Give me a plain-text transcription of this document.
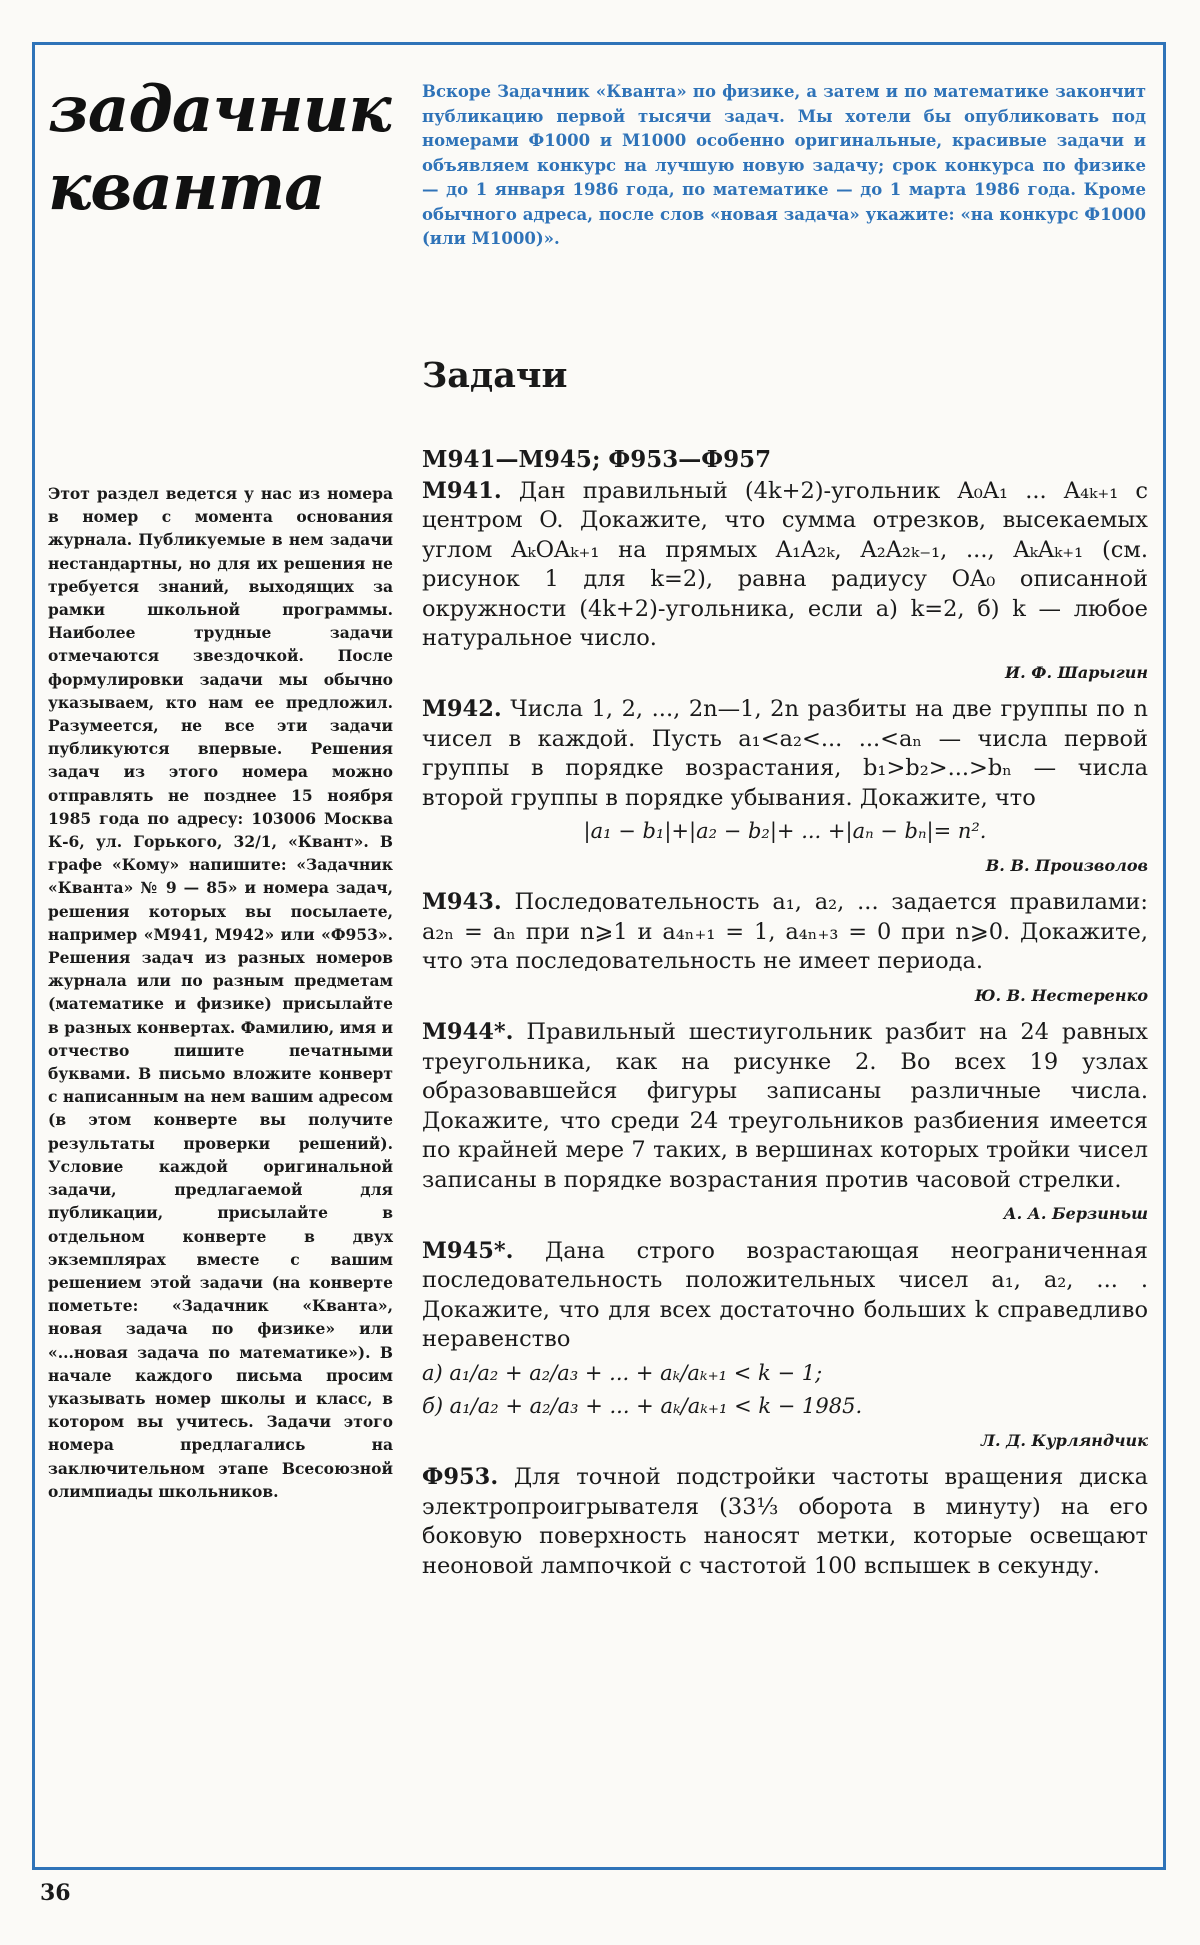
задачник
кванта
Вскоре Задачник «Кванта» по физике, а затем и по математике закончит публикацию первой тысячи задач. Мы хотели бы опубликовать под номерами Ф1000 и М1000 особенно оригинальные, красивые задачи и объявляем конкурс на лучшую новую задачу; срок конкурса по физике — до 1 января 1986 года, по математике — до 1 марта 1986 года. Кроме обычного адреса, после слов «новая задача» укажите: «на конкурс Ф1000 (или М1000)».
Задачи
Этот раздел ведется у нас из номера в номер с момента основания журнала. Публикуемые в нем задачи нестандартны, но для их решения не требуется знаний, выходящих за рамки школьной программы. Наиболее трудные задачи отмечаются звездочкой. После формулировки задачи мы обычно указываем, кто нам ее предложил. Разумеется, не все эти задачи публикуются впервые. Решения задач из этого номера можно отправлять не позднее 15 ноября 1985 года по адресу: 103006 Москва К-6, ул. Горького, 32/1, «Квант». В графе «Кому» напишите: «Задачник «Кванта» № 9 — 85» и номера задач, решения которых вы посылаете, например «М941, М942» или «Ф953». Решения задач из разных номеров журнала или по разным предметам (математике и физике) присылайте в разных конвертах. Фамилию, имя и отчество пишите печатными буквами. В письмо вложите конверт с написанным на нем вашим адресом (в этом конверте вы получите результаты проверки решений). Условие каждой оригинальной задачи, предлагаемой для публикации, присылайте в отдельном конверте в двух экземплярах вместе с вашим решением этой задачи (на конверте пометьте: «Задачник «Кванта», новая задача по физике» или «...новая задача по математике»). В начале каждого письма просим указывать номер школы и класс, в котором вы учитесь. Задачи этого номера предлагались на заключительном этапе Всесоюзной олимпиады школьников.
М941—М945; Ф953—Ф957

М941. Дан правильный (4k+2)-угольник A₀A₁ ... A₄ₖ₊₁ с центром O. Докажите, что сумма отрезков, высекаемых углом AₖOAₖ₊₁ на прямых A₁A₂ₖ, A₂A₂ₖ₋₁, ..., AₖAₖ₊₁ (см. рисунок 1 для k=2), равна радиусу OA₀ описанной окружности (4k+2)-угольника, если а) k=2, б) k — любое натуральное число.

И. Ф. Шарыгин

М942. Числа 1, 2, ..., 2n—1, 2n разбиты на две группы по n чисел в каждой. Пусть a₁<a₂<... ...<aₙ — числа первой группы в порядке возрастания, b₁>b₂>...>bₙ — числа второй группы в порядке убывания. Докажите, что

|a₁ − b₁|+|a₂ − b₂|+ ... +|aₙ − bₙ|= n².
В. В. Произволов

М943. Последовательность a₁, a₂, ... задается правилами: a₂ₙ = aₙ при n⩾1 и a₄ₙ₊₁ = 1, a₄ₙ₊₃ = 0 при n⩾0. Докажите, что эта последовательность не имеет периода.

Ю. В. Нестеренко

М944*. Правильный шестиугольник разбит на 24 равных треугольника, как на рисунке 2. Во всех 19 узлах образовавшейся фигуры записаны различные числа. Докажите, что среди 24 треугольников разбиения имеется по крайней мере 7 таких, в вершинах которых тройки чисел записаны в порядке возрастания против часовой стрелки.

А. А. Берзиньш

М945*. Дана строго возрастающая неограниченная последовательность положительных чисел a₁, a₂, ... . Докажите, что для всех достаточно больших k справедливо неравенство

а) a₁/a₂ + a₂/a₃ + ... + aₖ/aₖ₊₁ < k − 1;
б) a₁/a₂ + a₂/a₃ + ... + aₖ/aₖ₊₁ < k − 1985.
Л. Д. Курляндчик

Ф953. Для точной подстройки частоты вращения диска электропроигрывателя (33⅓ оборота в минуту) на его боковую поверхность наносят метки, которые освещают неоновой лампочкой с частотой 100 вспышек в секунду.

36
